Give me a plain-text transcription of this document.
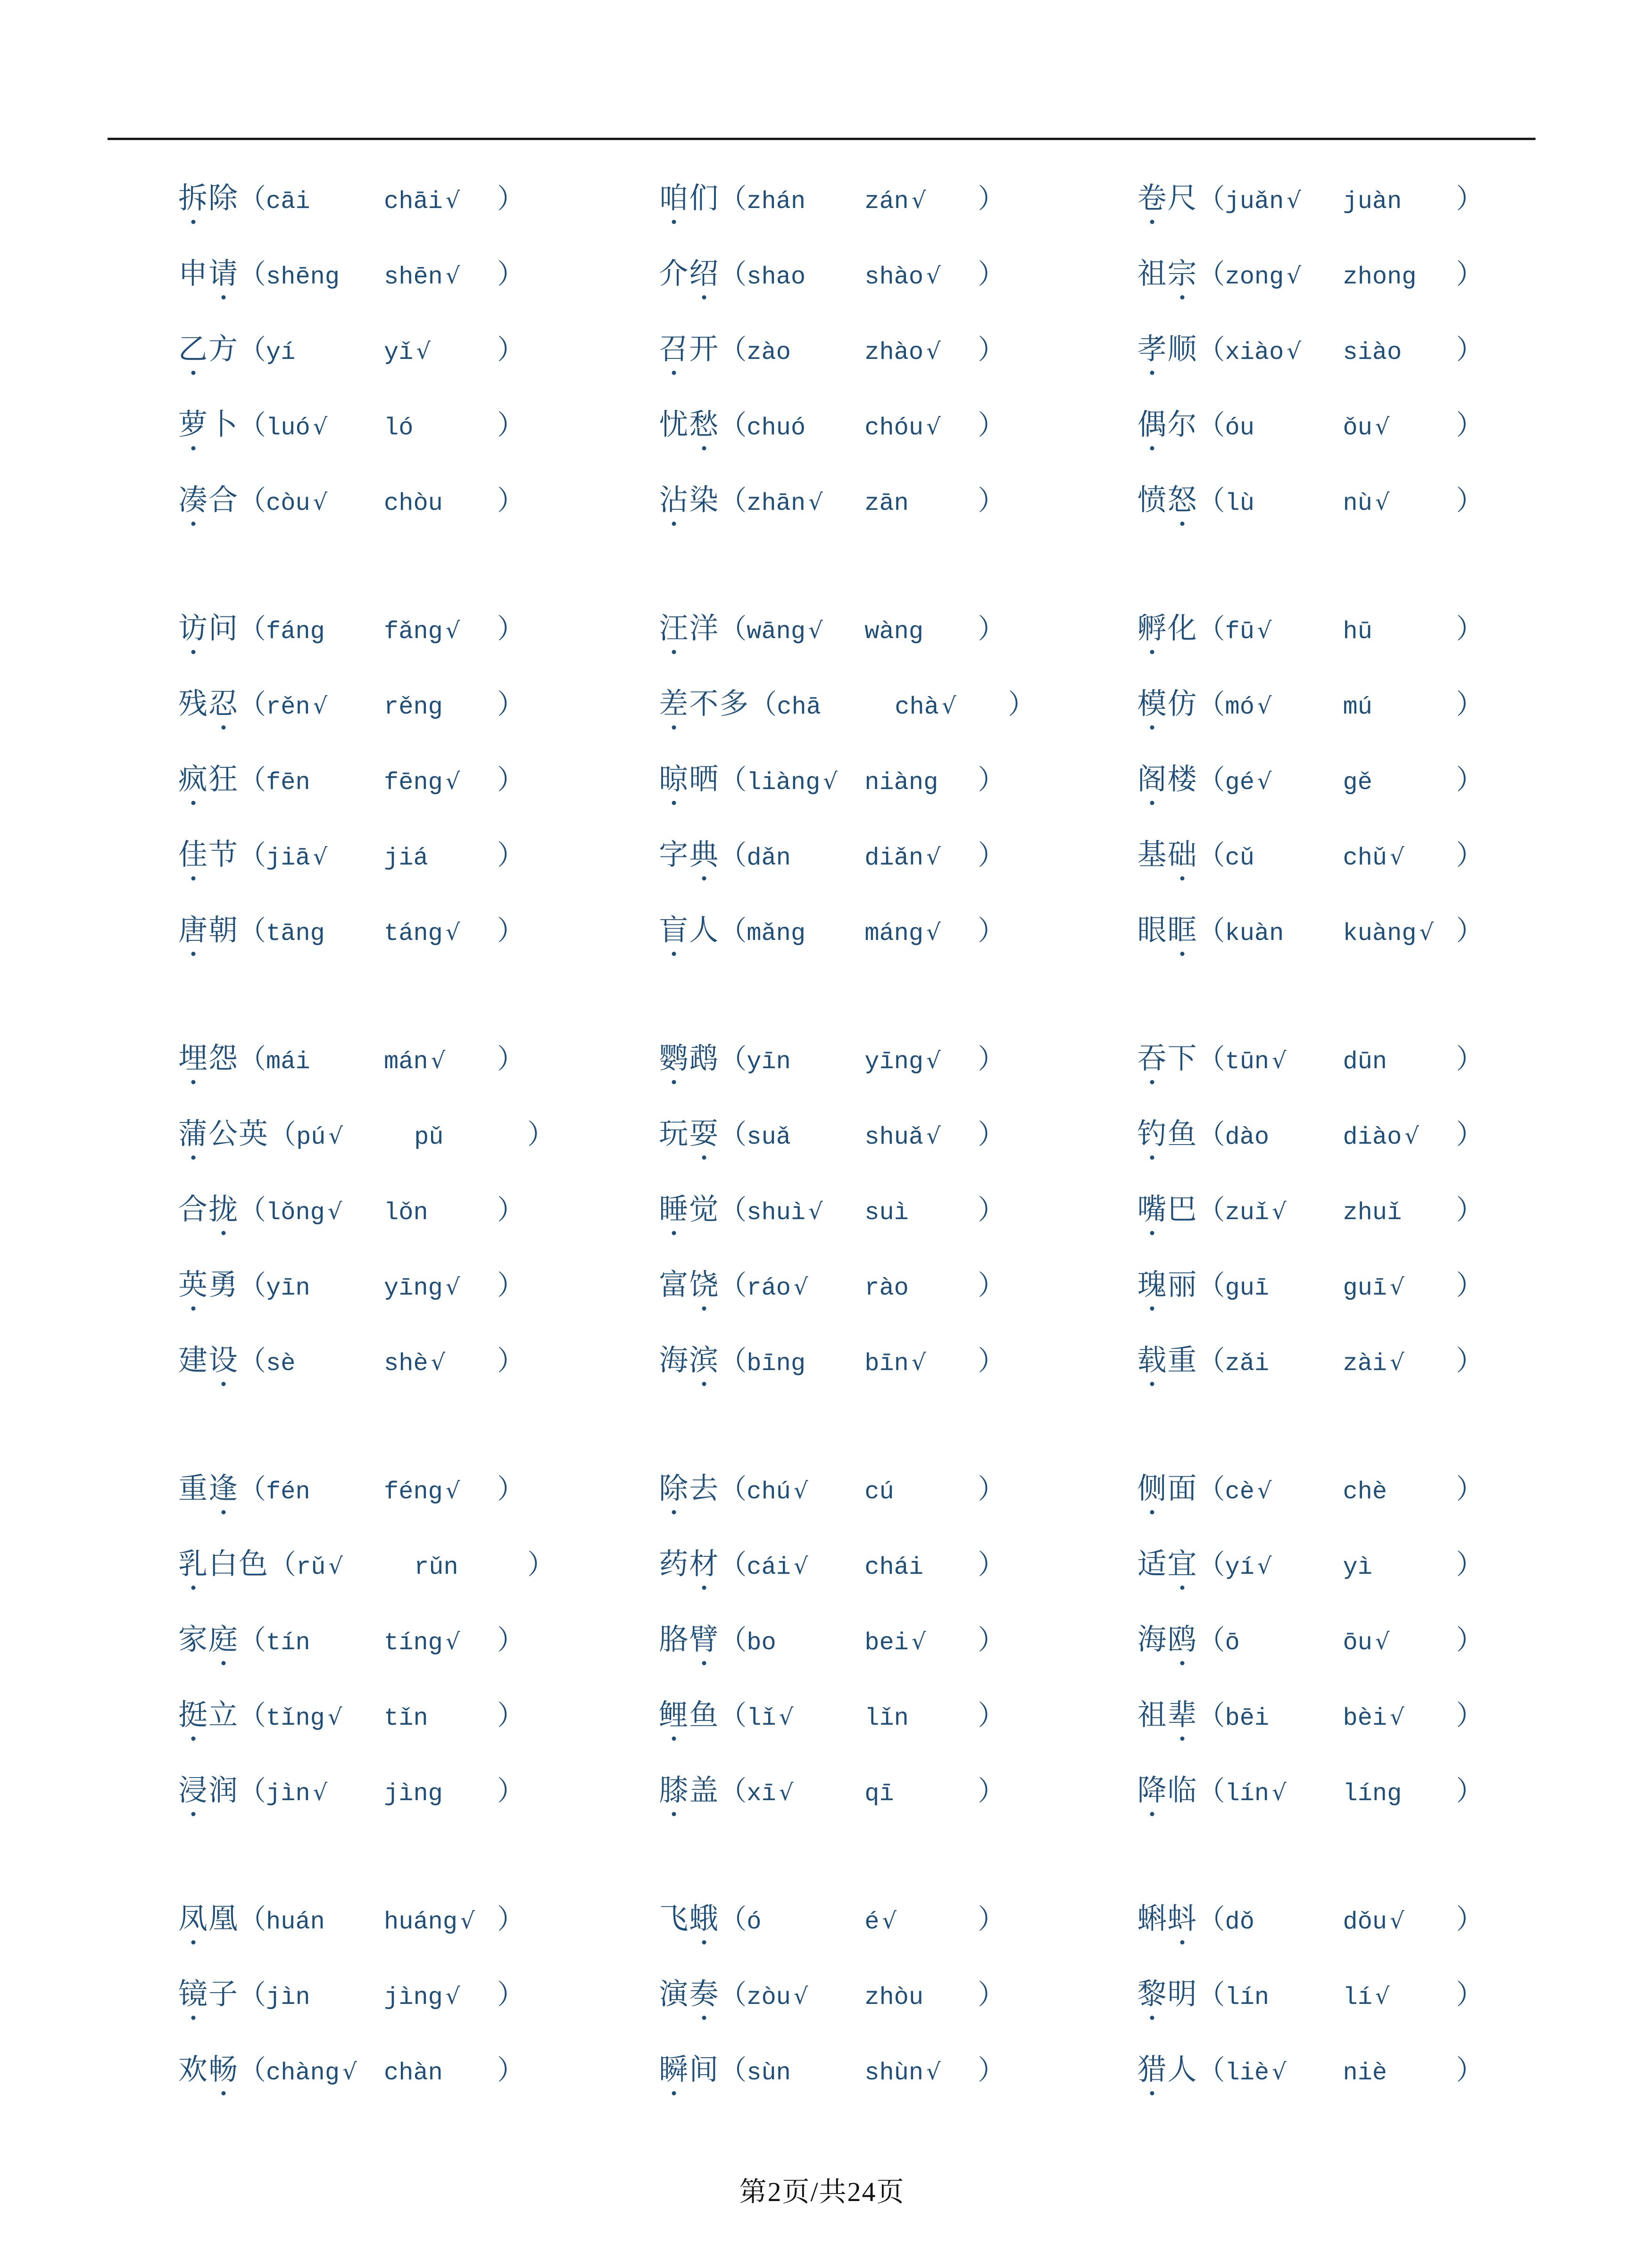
拆除 （ cāi	chāi √	）
申请 （ shēng	shēn √	）
乙方 （ yí	yǐ √	）
萝卜 （ luó √	ló	）
凑合 （ còu √	chòu	）
咱们 （ zhán	zán √	）
介绍 （ shao	shào √	）
召开 （ zào	zhào √	）
忧愁 （ chuó	chóu √	）
沾染 （ zhān √	zān	）
卷尺 （ juǎn √	juàn	）
祖宗 （ zong √	zhong	）
孝顺 （ xiào √	siào	）
偶尔 （ óu	ǒu √	）
愤怒 （ lù	nù √	）
访问 （ fáng	fǎng √	）
残忍 （ rěn √	rěng	）
疯狂 （ fēn	fēng √	）
佳节 （ jiā √	jiá	）
唐朝 （ tāng	táng √	）
汪洋 （ wāng √	wàng	）
差不多 （ chā	chà √	）
晾晒 （ liàng √	niàng	）
字典 （ dǎn	diǎn √	）
盲人 （ mǎng	máng √	）
孵化 （ fū √	hū	）
模仿 （ mó √	mú	）
阁楼 （ gé √	gě	）
基础 （ cǔ	chǔ √	）
眼眶 （ kuàn	kuàng √ ）
埋怨 （ mái	mán √	）
蒲公英 （ pú √	pǔ	）
合拢 （ lǒng √	lǒn	）
英勇 （ yīn	yīng √	）
建设 （ sè	shè √	）
鹦鹉 （ yīn	yīng √	）
玩耍 （ suǎ	shuǎ √	）
睡觉 （ shuì √	suì	）
富饶 （ ráo √	rào	）
海滨 （ bīng	bīn √	）
吞下 （ tūn √	dūn	）
钓鱼 （ dào	diào √	）
嘴巴 （ zuǐ √	zhuǐ	）
瑰丽 （ guī	guī √	）
载重 （ zǎi	zài √	）
重逢 （ fén	féng √	）
乳白色 （ rǔ √	rǔn	）
家庭 （ tín	tíng √	）
挺立 （ tǐng √	tǐn	）
浸润 （ jìn √	jìng	）
除去 （ chú √	cú	）
药材 （ cái √	chái	）
胳臂 （ bo	bei √	）
鲤鱼 （ lǐ √	lǐn	）
膝盖 （ xī √	qī	）
侧面 （ cè √	chè	）
适宜 （ yí √	yì	）
海鸥 （ ō	ōu √	）
祖辈 （ bēi	bèi √	）
降临 （ lín √	líng	）
凤凰 （ huán	huáng √ ）
镜子 （ jìn	jìng √	）
欢畅 （ chàng √	chàn	）
飞蛾 （ ó	é √	）
演奏 （ zòu √	zhòu	）
瞬间 （ sùn	shùn √	）
蝌蚪 （ dǒ	dǒu √	）
黎明 （ lín	lí √	）
猎人 （ liè √	niè	）
第2页/共24页
